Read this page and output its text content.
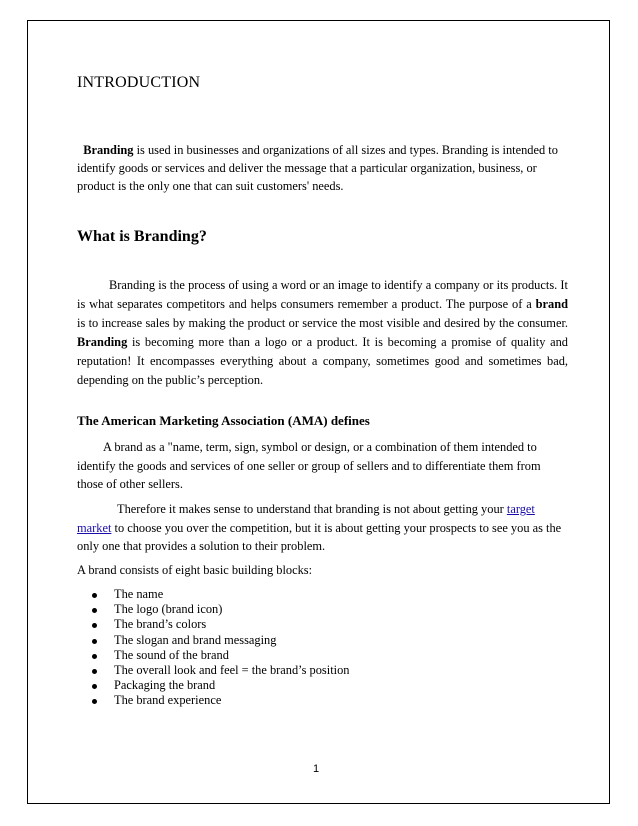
INTRODUCTION
Branding is used in businesses and organizations of all sizes and types. Branding is intended to identify goods or services and deliver the message that a particular organization, business, or product is the only one that can suit customers' needs.
What is Branding?
Branding is the process of using a word or an image to identify a company or its products. It is what separates competitors and helps consumers remember a product. The purpose of a brand is to increase sales by making the product or service the most visible and desired by the consumer. Branding is becoming more than a logo or a product. It is becoming a promise of quality and reputation! It encompasses everything about a company, sometimes good and sometimes bad, depending on the public’s perception.
The American Marketing Association (AMA) defines
A brand as a "name, term, sign, symbol or design, or a combination of them intended to identify the goods and services of one seller or group of sellers and to differentiate them from those of other sellers.
Therefore it makes sense to understand that branding is not about getting your target market to choose you over the competition, but it is about getting your prospects to see you as the only one that provides a solution to their problem.
A brand consists of eight basic building blocks:
The name
The logo (brand icon)
The brand’s colors
The slogan and brand messaging
The sound of the brand
The overall look and feel = the brand’s position
Packaging the brand
The brand experience
1
